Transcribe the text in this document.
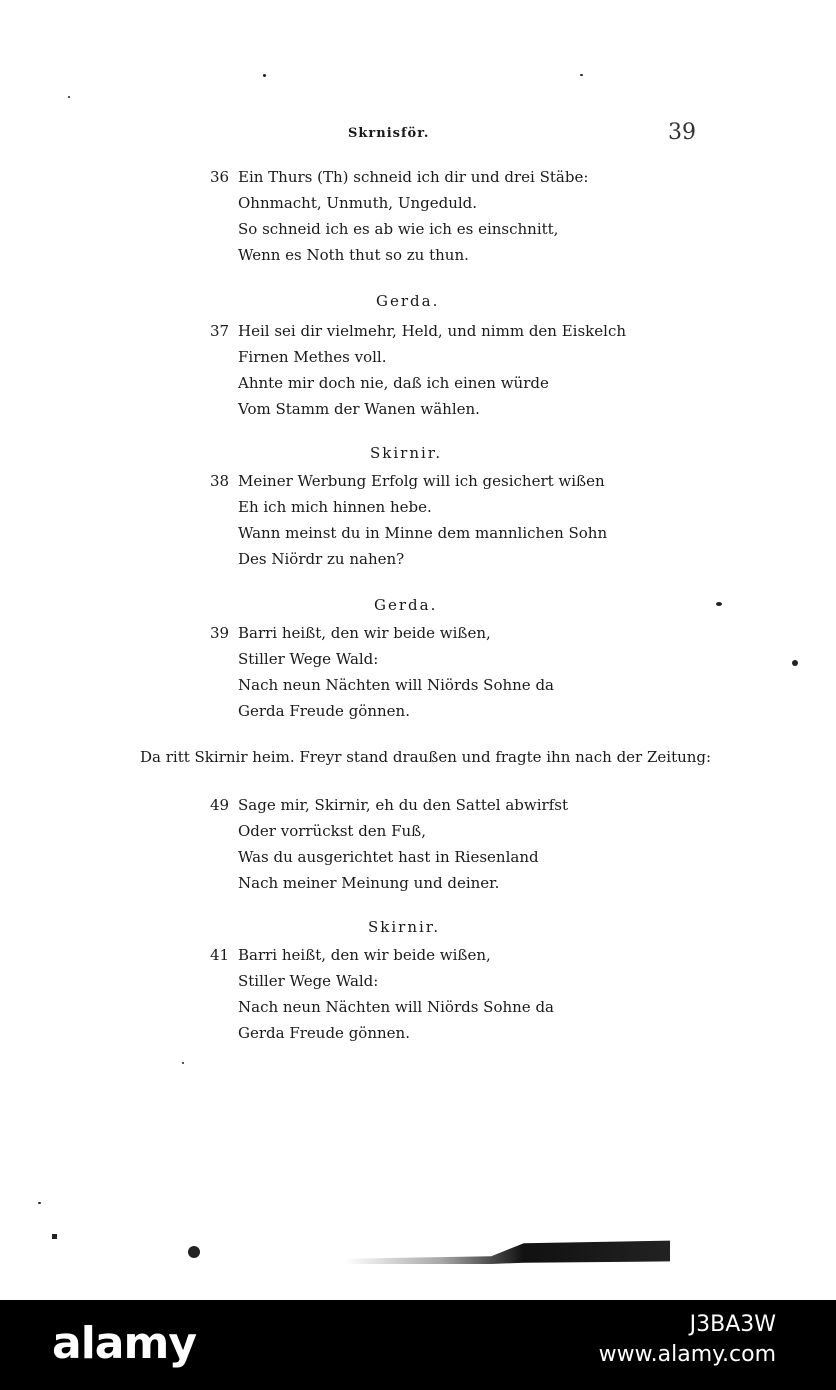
Skrnisför.	39
36 Ein Thurs (Th) schneid ich dir und drei Stäbe:
Ohnmacht, Unmuth, Ungeduld.
So schneid ich es ab wie ich es einschnitt,
Wenn es Noth thut so zu thun.
Gerda.
37 Heil sei dir vielmehr, Held, und nimm den Eiskelch
Firnen Methes voll.
Ahnte mir doch nie, daß ich einen würde
Vom Stamm der Wanen wählen.
Skirnir.
38 Meiner Werbung Erfolg will ich gesichert wißen
Eh ich mich hinnen hebe.
Wann meinst du in Minne dem mannlichen Sohn
Des Niördr zu nahen?
Gerda.
39 Barri heißt, den wir beide wißen,
Stiller Wege Wald:
Nach neun Nächten will Niörds Sohne da
Gerda Freude gönnen.
Da ritt Skirnir heim. Freyr stand draußen und fragte ihn nach der Zeitung:
49 Sage mir, Skirnir, eh du den Sattel abwirfst
Oder vorrückst den Fuß,
Was du ausgerichtet hast in Riesenland
Nach meiner Meinung und deiner.
Skirnir.
41 Barri heißt, den wir beide wißen,
Stiller Wege Wald:
Nach neun Nächten will Niörds Sohne da
Gerda Freude gönnen.
alamy	J3BA3W
www.alamy.com
